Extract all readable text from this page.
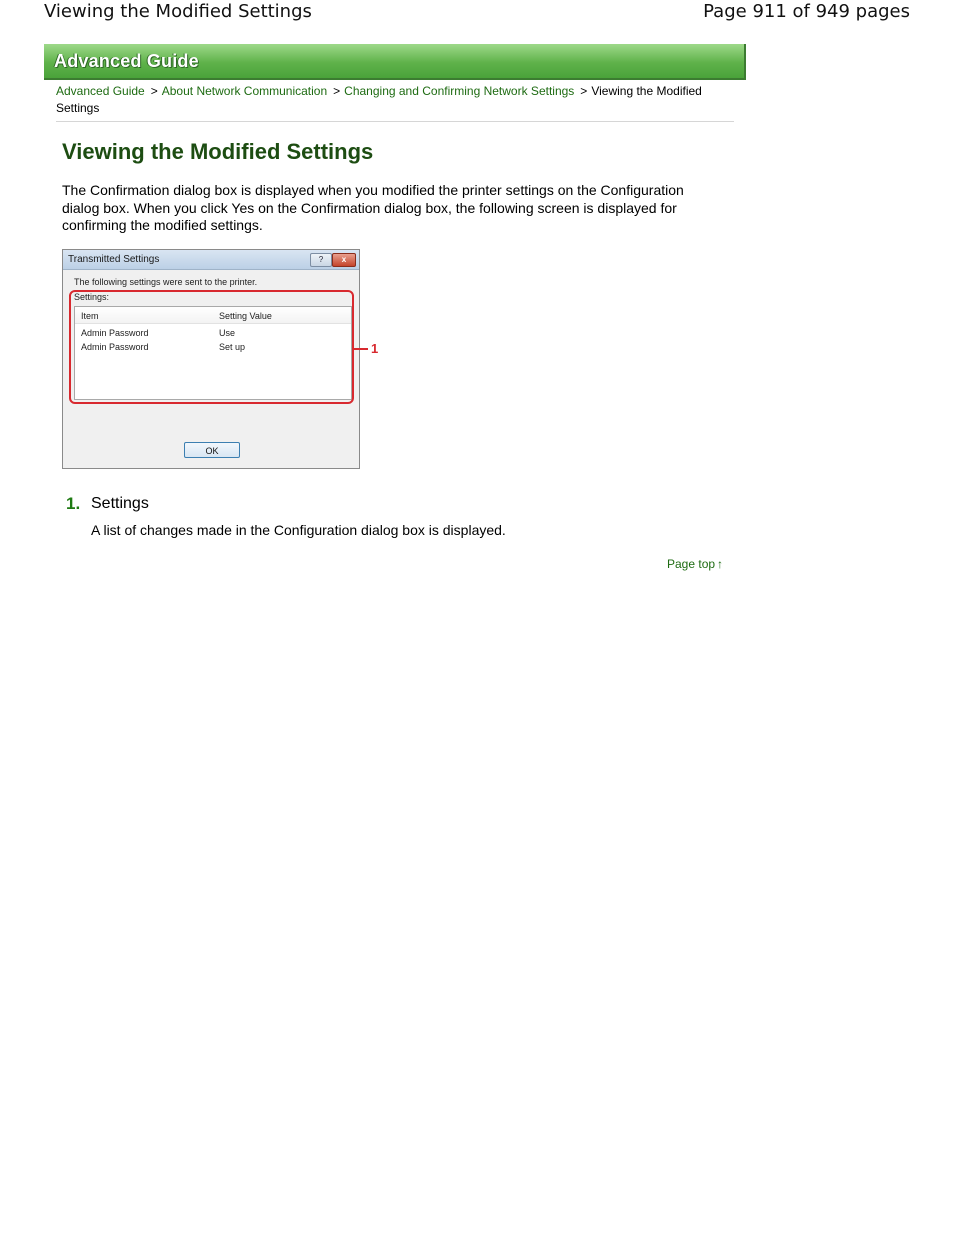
Viewing the Modified Settings	Page 911 of 949 pages
Advanced Guide
Advanced Guide > About Network Communication > Changing and Confirming Network Settings > Viewing the Modified Settings
Viewing the Modified Settings

The Confirmation dialog box is displayed when you modified the printer settings on the Configuration dialog box. When you click Yes on the Confirmation dialog box, the following screen is displayed for confirming the modified settings.

Transmitted Settings	?	x
The following settings were sent to the printer.
Settings:
Item	Setting Value
Admin Password	Use
Admin Password	Set up
OK
1
1. Settings
A list of changes made in the Configuration dialog box is displayed.
Page top ↑
